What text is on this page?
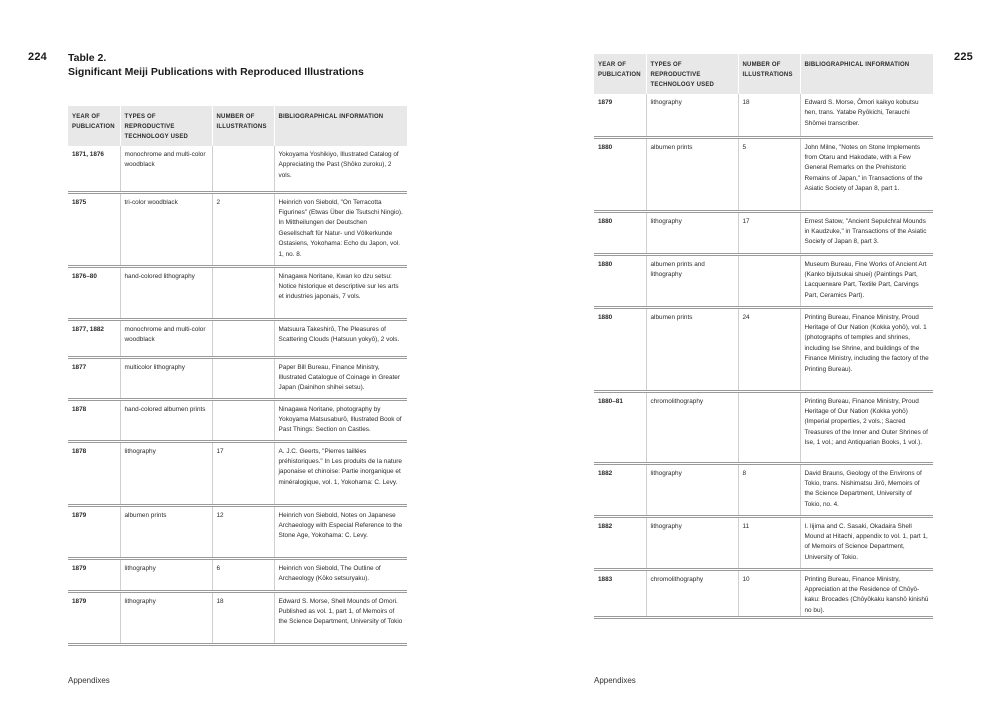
224 Table 2.
Significant Meiji Publications with Reproduced Illustrations
YEAR OF PUBLICATION	TYPES OF REPRODUCTIVE TECHNOLOGY USED	NUMBER OF ILLUSTRATIONS	BIBLIOGRAPHICAL INFORMATION
1871, 1876	monochrome and multi-color woodblack		Yokoyama Yoshikiyo, Illustrated Catalog of Appreciating the Past (Shōko zuroku), 2 vols.
1875	tri-color woodblack	2	Heinrich von Siebold, "On Terracotta Figurines" (Etwas Über die Tsutschi Ningio). In Mittheilungen der Deutschen Gesellschaft für Natur- und Völkerkunde Ostasiens, Yokohama: Echo du Japon, vol. 1, no. 8.
1876–80	hand-colored lithography		Ninagawa Noritane, Kwan ko dzu setsu: Notice historique et descriptive sur les arts et industries japonais, 7 vols.
1877, 1882	monochrome and multi-color woodblack		Matsuura Takeshirō, The Pleasures of Scattering Clouds (Hatsuun yokyō), 2 vols.
1877	multicolor lithography		Paper Bill Bureau, Finance Ministry, Illustrated Catalogue of Coinage in Greater Japan (Dainihon shihei setsu).
1878	hand-colored albumen prints		Ninagawa Noritane, photography by Yokoyama Matsusaburō, Illustrated Book of Past Things: Section on Castles.
1878	lithography	17	A. J.C. Geerts, "Pierres taillées préhistoriques." In Les produits de la nature japonaise et chinoise: Partie inorganique et minéralogique, vol. 1, Yokohama: C. Levy.
1879	albumen prints	12	Heinrich von Siebold, Notes on Japanese Archaeology with Especial Reference to the Stone Age, Yokohama: C. Levy.
1879	lithography	6	Heinrich von Siebold, The Outline of Archaeology (Kōko setsuryaku).
1879	lithography	18	Edward S. Morse, Shell Mounds of Omori. Published as vol. 1, part 1, of Memoirs of the Science Department, University of Tokio
Appendixes
225
YEAR OF PUBLICATION	TYPES OF REPRODUCTIVE TECHNOLOGY USED	NUMBER OF ILLUSTRATIONS	BIBLIOGRAPHICAL INFORMATION
1879	lithography	18	Edward S. Morse, Ōmori kaikyo kobutsu hen, trans. Yatabe Ryōkichi, Terauchi Shōmei transcriber.
1880	albumen prints	5	John Milne, "Notes on Stone Implements from Otaru and Hakodate, with a Few General Remarks on the Prehistoric Remains of Japan," in Transactions of the Asiatic Society of Japan 8, part 1.
1880	lithography	17	Ernest Satow, "Ancient Sepulchral Mounds in Kaudzuke," in Transactions of the Asiatic Society of Japan 8, part 3.
1880	albumen prints and lithography		Museum Bureau, Fine Works of Ancient Art (Kanko bijutsukai shuei) (Paintings Part, Lacquerware Part, Textile Part, Carvings Part, Ceramics Part).
1880	albumen prints	24	Printing Bureau, Finance Ministry, Proud Heritage of Our Nation (Kokka yohō), vol. 1 (photographs of temples and shrines, including Ise Shrine, and buildings of the Finance Ministry, including the factory of the Printing Bureau).
1880–81	chromolithography		Printing Bureau, Finance Ministry, Proud Heritage of Our Nation (Kokka yohō) (Imperial properties, 2 vols.; Sacred Treasures of the Inner and Outer Shrines of Ise, 1 vol.; and Antiquarian Books, 1 vol.).
1882	lithography	8	David Brauns, Geology of the Environs of Tokio, trans. Nishimatsu Jirō, Memoirs of the Science Department, University of Tokio, no. 4.
1882	lithography	11	I. Iijima and C. Sasaki, Okadaira Shell Mound at Hitachi, appendix to vol. 1, part 1, of Memoirs of Science Department, University of Tokio.
1883	chromolithography	10	Printing Bureau, Finance Ministry, Appreciation at the Residence of Chōyō-kaku: Brocades (Chōyōkaku kanshō kinishū no bu).
Appendixes
